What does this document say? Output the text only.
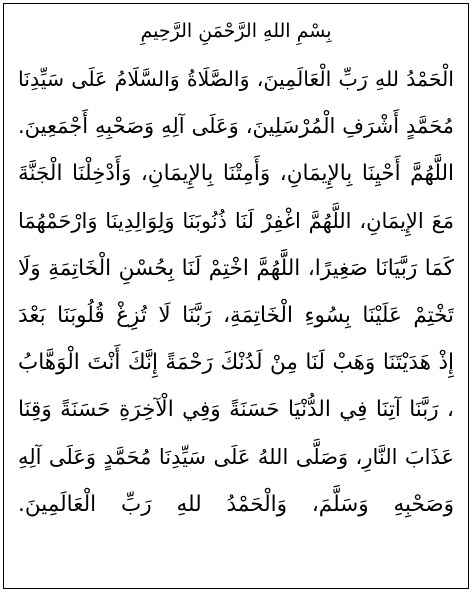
بِسْمِ اللهِ الرَّحْمَنِ الرَّحِيمِ
الْحَمْدُ للهِ رَبِّ الْعَالَمِينَ، وَالصَّلَاةُ وَالسَّلَامُ عَلَى سَيِّدِنَا
مُحَمَّدٍ أَشْرَفِ الْمُرْسَلِينَ، وَعَلَى آلِهِ وَصَحْبِهِ أَجْمَعِينَ.
اللَّهُمَّ أَحْيِنَا بِالإِيمَانِ، وَأَمِتْنَا بِالإِيمَانِ، وَأَدْخِلْنَا الْجَنَّةَ
مَعَ الإِيمَانِ، اللَّهُمَّ اغْفِرْ لَنَا ذُنُوبَنَا وَلِوَالِدِينَا وَارْحَمْهُمَا
كَمَا رَبَّيَانَا صَغِيرًا، اللَّهُمَّ اخْتِمْ لَنَا بِحُسْنِ الْخَاتِمَةِ وَلَا
تَخْتِمْ عَلَيْنَا بِسُوءِ الْخَاتِمَةِ، رَبَّنَا لَا تُزِغْ قُلُوبَنَا بَعْدَ
إِذْ هَدَيْتَنَا وَهَبْ لَنَا مِنْ لَدُنْكَ رَحْمَةً إِنَّكَ أَنْتَ الْوَهَّابُ
، رَبَّنَا آتِنَا فِي الدُّنْيَا حَسَنَةً وَفِي الْآخِرَةِ حَسَنَةً وَقِنَا
عَذَابَ النَّارِ، وَصَلَّى اللهُ عَلَى سَيِّدِنَا مُحَمَّدٍ وَعَلَى آلِهِ
وَصَحْبِهِ وَسَلَّمَ، وَالْحَمْدُ للهِ رَبِّ الْعَالَمِينَ.
